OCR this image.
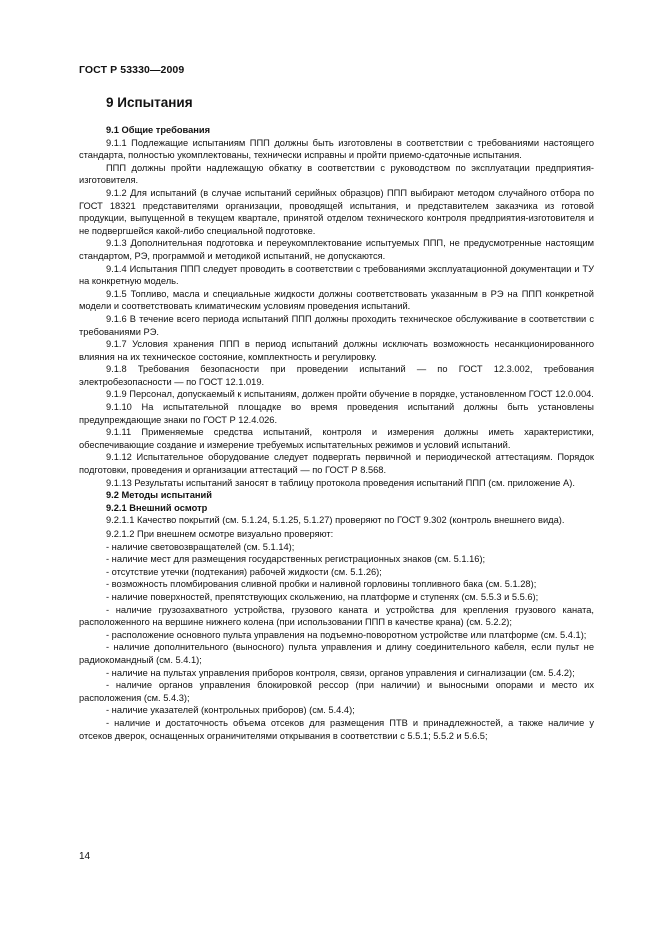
ГОСТ Р 53330—2009
9 Испытания

9.1 Общие требования

9.1.1 Подлежащие испытаниям ППП должны быть изготовлены в соответствии с требованиями настоящего стандарта, полностью укомплектованы, технически исправны и пройти приемо-сдаточные испытания.

ППП должны пройти надлежащую обкатку в соответствии с руководством по эксплуатации предприятия-изготовителя.

9.1.2 Для испытаний (в случае испытаний серийных образцов) ППП выбирают методом случайного отбора по ГОСТ 18321 представителями организации, проводящей испытания, и представителем заказчика из готовой продукции, выпущенной в текущем квартале, принятой отделом технического контроля предприятия-изготовителя и не подвергшейся какой-либо специальной подготовке.

9.1.3 Дополнительная подготовка и переукомплектование испытуемых ППП, не предусмотренные настоящим стандартом, РЭ, программой и методикой испытаний, не допускаются.

9.1.4 Испытания ППП следует проводить в соответствии с требованиями эксплуатационной документации и ТУ на конкретную модель.

9.1.5 Топливо, масла и специальные жидкости должны соответствовать указанным в РЭ на ППП конкретной модели и соответствовать климатическим условиям проведения испытаний.

9.1.6 В течение всего периода испытаний ППП должны проходить техническое обслуживание в соответствии с требованиями РЭ.

9.1.7 Условия хранения ППП в период испытаний должны исключать возможность несанкционированного влияния на их техническое состояние, комплектность и регулировку.

9.1.8 Требования безопасности при проведении испытаний — по ГОСТ 12.3.002, требования электробезопасности — по ГОСТ 12.1.019.

9.1.9 Персонал, допускаемый к испытаниям, должен пройти обучение в порядке, установленном ГОСТ 12.0.004.

9.1.10 На испытательной площадке во время проведения испытаний должны быть установлены предупреждающие знаки по ГОСТ Р 12.4.026.

9.1.11 Применяемые средства испытаний, контроля и измерения должны иметь характеристики, обеспечивающие создание и измерение требуемых испытательных режимов и условий испытаний.

9.1.12 Испытательное оборудование следует подвергать первичной и периодической аттестациям. Порядок подготовки, проведения и организации аттестаций — по ГОСТ Р 8.568.

9.1.13 Результаты испытаний заносят в таблицу протокола проведения испытаний ППП (см. приложение А).

9.2 Методы испытаний

9.2.1 Внешний осмотр

9.2.1.1 Качество покрытий (см. 5.1.24, 5.1.25, 5.1.27) проверяют по ГОСТ 9.302 (контроль внешнего вида).

9.2.1.2 При внешнем осмотре визуально проверяют:

- наличие световозвращателей (см. 5.1.14);

- наличие мест для размещения государственных регистрационных знаков (см. 5.1.16);

- отсутствие утечки (подтекания) рабочей жидкости (см. 5.1.26);

- возможность пломбирования сливной пробки и наливной горловины топливного бака (см. 5.1.28);

- наличие поверхностей, препятствующих скольжению, на платформе и ступенях (см. 5.5.3 и 5.5.6);

- наличие грузозахватного устройства, грузового каната и устройства для крепления грузового каната, расположенного на вершине нижнего колена (при использовании ППП в качестве крана) (см. 5.2.2);

- расположение основного пульта управления на подъемно-поворотном устройстве или платформе (см. 5.4.1);

- наличие дополнительного (выносного) пульта управления и длину соединительного кабеля, если пульт не радиокомандный (см. 5.4.1);

- наличие на пультах управления приборов контроля, связи, органов управления и сигнализации (см. 5.4.2);

- наличие органов управления блокировкой рессор (при наличии) и выносными опорами и место их расположения (см. 5.4.3);

- наличие указателей (контрольных приборов) (см. 5.4.4);

- наличие и достаточность объема отсеков для размещения ПТВ и принадлежностей, а также наличие у отсеков дверок, оснащенных ограничителями открывания в соответствии с 5.5.1; 5.5.2 и 5.6.5;

14
